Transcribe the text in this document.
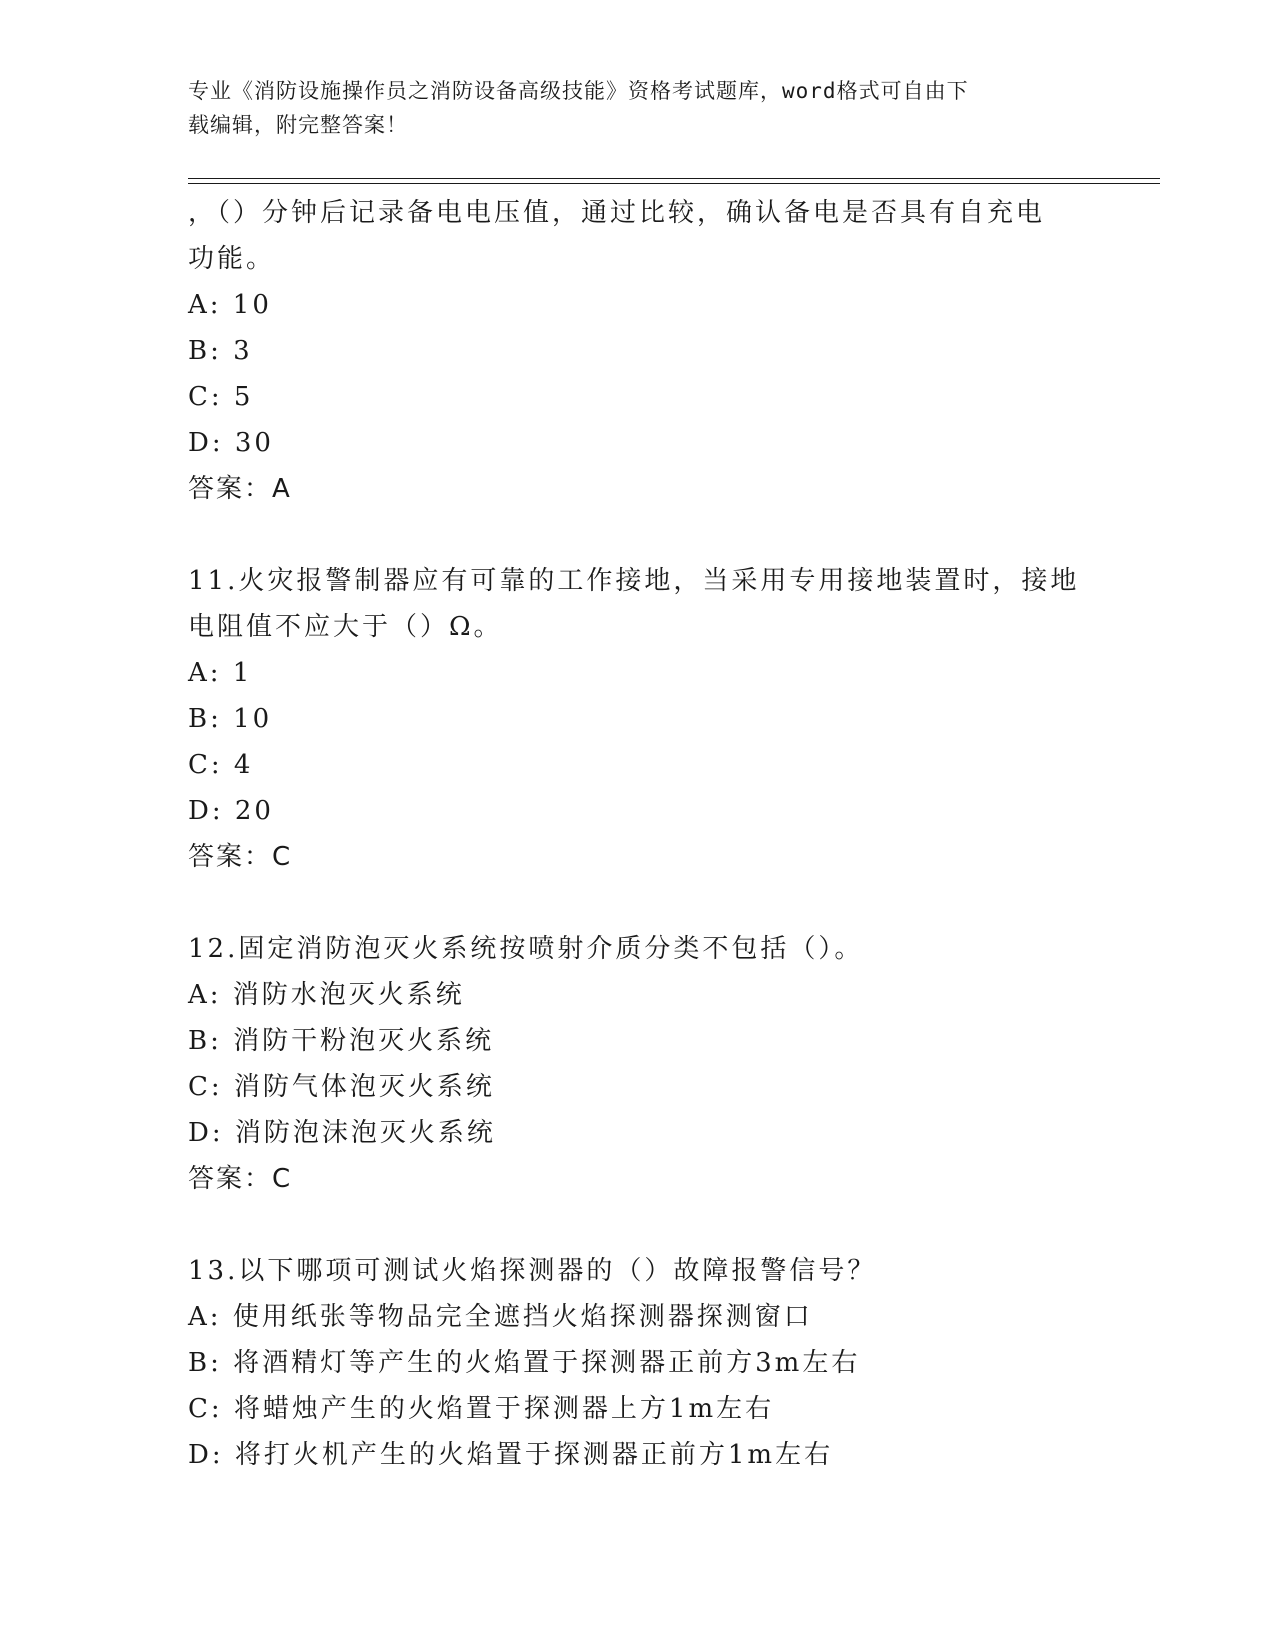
专业《消防设施操作员之消防设备高级技能》资格考试题库，word格式可自由下
载编辑，附完整答案！
，（）分钟后记录备电电压值，通过比较，确认备电是否具有自充电
功能。
A: 10
B: 3
C: 5
D: 30
答案：A
11.火灾报警制器应有可靠的工作接地，当采用专用接地装置时，接地
电阻值不应大于（）Ω。
A: 1
B: 10
C: 4
D: 20
答案：C
12.固定消防泡灭火系统按喷射介质分类不包括（）。
A: 消防水泡灭火系统
B: 消防干粉泡灭火系统
C: 消防气体泡灭火系统
D: 消防泡沫泡灭火系统
答案：C
13.以下哪项可测试火焰探测器的（）故障报警信号？
A: 使用纸张等物品完全遮挡火焰探测器探测窗口
B: 将酒精灯等产生的火焰置于探测器正前方3m左右
C: 将蜡烛产生的火焰置于探测器上方1m左右
D: 将打火机产生的火焰置于探测器正前方1m左右
